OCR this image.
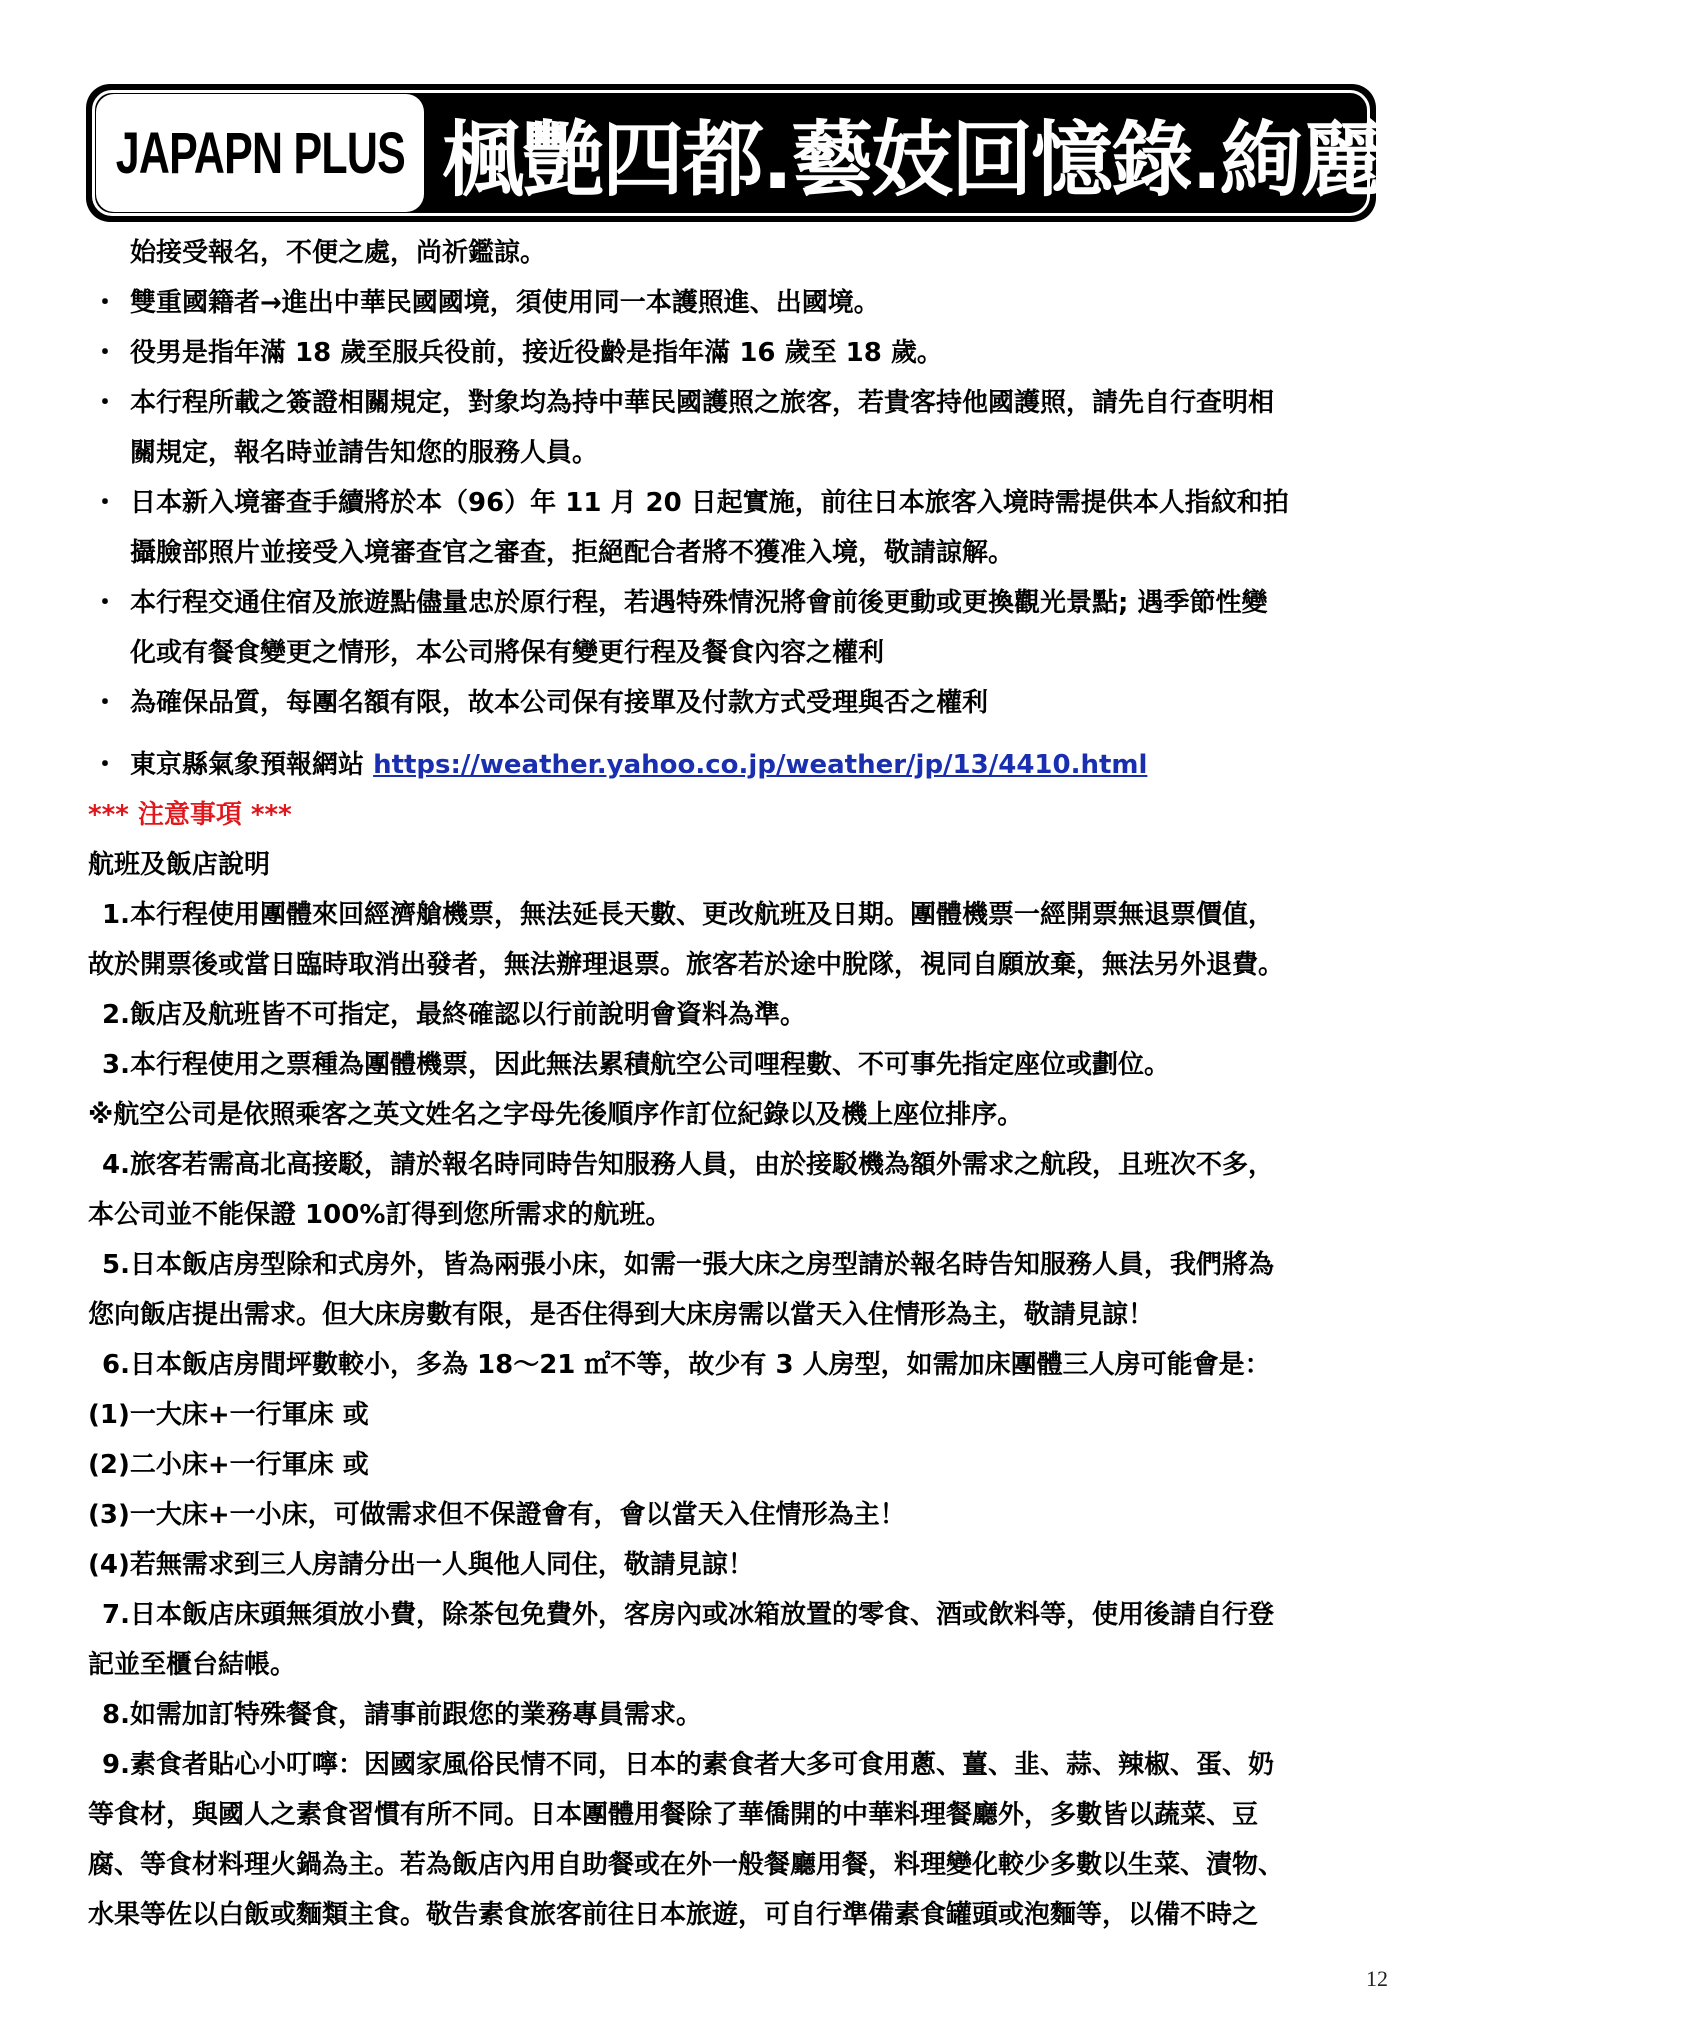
JAPAPN PLUS 楓艷四都.藝妓回憶錄.絢麗夜景五日
始接受報名，不便之處，尚祈鑑諒。
・ 雙重國籍者→進出中華民國國境，須使用同一本護照進、出國境。
・ 役男是指年滿 18 歲至服兵役前，接近役齡是指年滿 16 歲至 18 歲。
・ 本行程所載之簽證相關規定，對象均為持中華民國護照之旅客，若貴客持他國護照，請先自行查明相
關規定，報名時並請告知您的服務人員。
・ 日本新入境審查手續將於本（96）年 11 月 20 日起實施，前往日本旅客入境時需提供本人指紋和拍
攝臉部照片並接受入境審查官之審查，拒絕配合者將不獲准入境，敬請諒解。
・ 本行程交通住宿及旅遊點儘量忠於原行程，若遇特殊情況將會前後更動或更換觀光景點; 遇季節性變
化或有餐食變更之情形，本公司將保有變更行程及餐食內容之權利
・ 為確保品質，每團名額有限，故本公司保有接單及付款方式受理與否之權利
・ 東京縣氣象預報網站 https://weather.yahoo.co.jp/weather/jp/13/4410.html
*** 注意事項 ***
航班及飯店說明
1.本行程使用團體來回經濟艙機票，無法延長天數、更改航班及日期。團體機票一經開票無退票價值，
故於開票後或當日臨時取消出發者，無法辦理退票。旅客若於途中脫隊，視同自願放棄，無法另外退費。
2.飯店及航班皆不可指定，最終確認以行前說明會資料為準。
3.本行程使用之票種為團體機票，因此無法累積航空公司哩程數、不可事先指定座位或劃位。
※航空公司是依照乘客之英文姓名之字母先後順序作訂位紀錄以及機上座位排序。
4.旅客若需高北高接駁，請於報名時同時告知服務人員，由於接駁機為額外需求之航段，且班次不多，
本公司並不能保證 100%訂得到您所需求的航班。
5.日本飯店房型除和式房外，皆為兩張小床，如需一張大床之房型請於報名時告知服務人員，我們將為
您向飯店提出需求。但大床房數有限，是否住得到大床房需以當天入住情形為主，敬請見諒！
6.日本飯店房間坪數較小，多為 18～21 ㎡不等，故少有 3 人房型，如需加床團體三人房可能會是：
(1)一大床+一行軍床 或
(2)二小床+一行軍床 或
(3)一大床+一小床，可做需求但不保證會有，會以當天入住情形為主！
(4)若無需求到三人房請分出一人與他人同住，敬請見諒！
7.日本飯店床頭無須放小費，除茶包免費外，客房內或冰箱放置的零食、酒或飲料等，使用後請自行登
記並至櫃台結帳。
8.如需加訂特殊餐食，請事前跟您的業務專員需求。
9.素食者貼心小叮嚀：因國家風俗民情不同，日本的素食者大多可食用蔥、薑、韭、蒜、辣椒、蛋、奶
等食材，與國人之素食習慣有所不同。日本團體用餐除了華僑開的中華料理餐廳外，多數皆以蔬菜、豆
腐、等食材料理火鍋為主。若為飯店內用自助餐或在外一般餐廳用餐，料理變化較少多數以生菜、漬物、
水果等佐以白飯或麵類主食。敬告素食旅客前往日本旅遊，可自行準備素食罐頭或泡麵等，以備不時之
12
